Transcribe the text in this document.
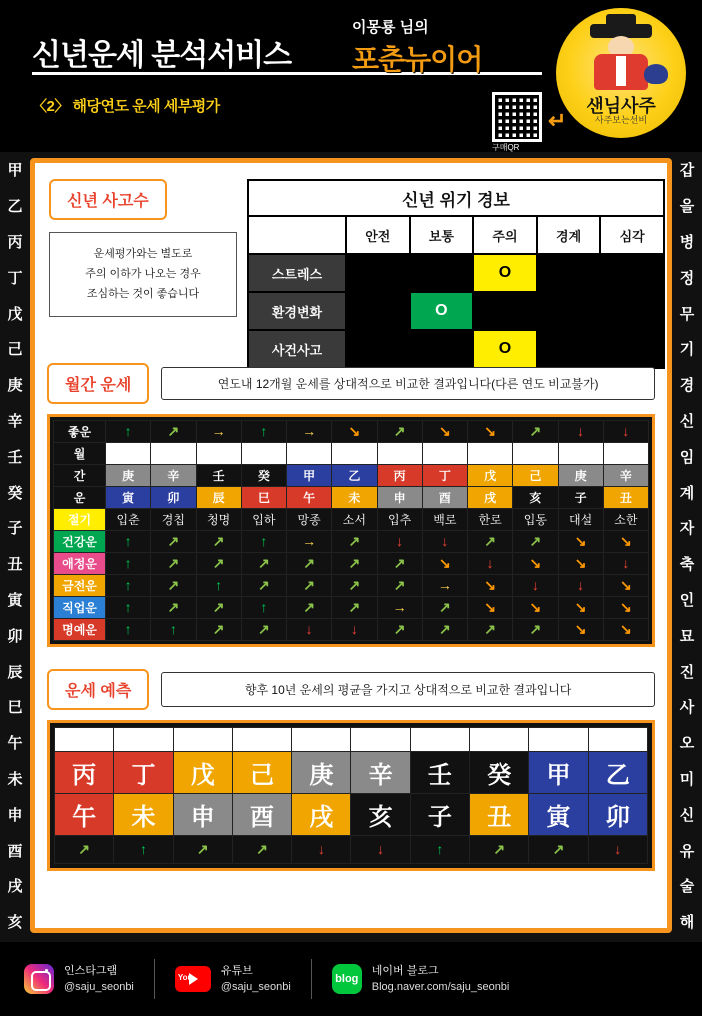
신년운세 분석서비스
〈2〉 해당연도 운세 세부평가
이몽룡 님의
포춘뉴이어
구매QR
↵
샌님사주
사주보는선비
甲
乙
丙
丁
戊
己
庚
辛
壬
癸
子
丑
寅
卯
辰
巳
午
未
申
酉
戌
亥
갑
을
병
정
무
기
경
신
임
계
자
축
인
묘
진
사
오
미
신
유
술
해
신년 사고수
운세평가와는 별도로
주의 이하가 나오는 경우
조심하는 것이 좋습니다
신년 위기 경보					
	안전	보통	주의	경계	심각
스트레스			O		
환경변화		O			
사건사고			O		
월간 운세	연도내 12개월 운세를 상대적으로 비교한 결과입니다(다른 연도 비교불가)
좋운	↑	↗	→	↑	→	↘	↗	↘	↘	↗	↓	↓
월	2월	3월	4월	5월	6월	7월	8월	9월	10월	11월	12월	1월
간	庚	辛	壬	癸	甲	乙	丙	丁	戊	己	庚	辛
운	寅	卯	辰	巳	午	未	申	酉	戌	亥	子	丑
절기	입춘	경칩	청명	입하	망종	소서	입추	백로	한로	입동	대설	소한
건강운	↑	↗	↗	↑	→	↗	↓	↓	↗	↗	↘	↘
애정운	↑	↗	↗	↗	↗	↗	↗	↘	↓	↘	↘	↓
금전운	↑	↗	↑	↗	↗	↗	↗	→	↘	↓	↓	↘
직업운	↑	↗	↗	↑	↗	↗	→	↗	↘	↘	↘	↘
명예운	↑	↑	↗	↗	↓	↓	↗	↗	↗	↗	↘	↘
운세 예측	향후 10년 운세의 평균을 가지고 상대적으로 비교한 결과입니다
2026년	2027년	2028년	2029년	2030년	2031년	2032년	2033년	2034년	2035년
丙	丁	戊	己	庚	辛	壬	癸	甲	乙
午	未	申	酉	戌	亥	子	丑	寅	卯
↗	↑	↗	↗	↓	↓	↑	↗	↗	↓
인스타그램
@saju_seonbi
You
유튜브
@saju_seonbi
blog
네이버 블로그
Blog.naver.com/saju_seonbi
